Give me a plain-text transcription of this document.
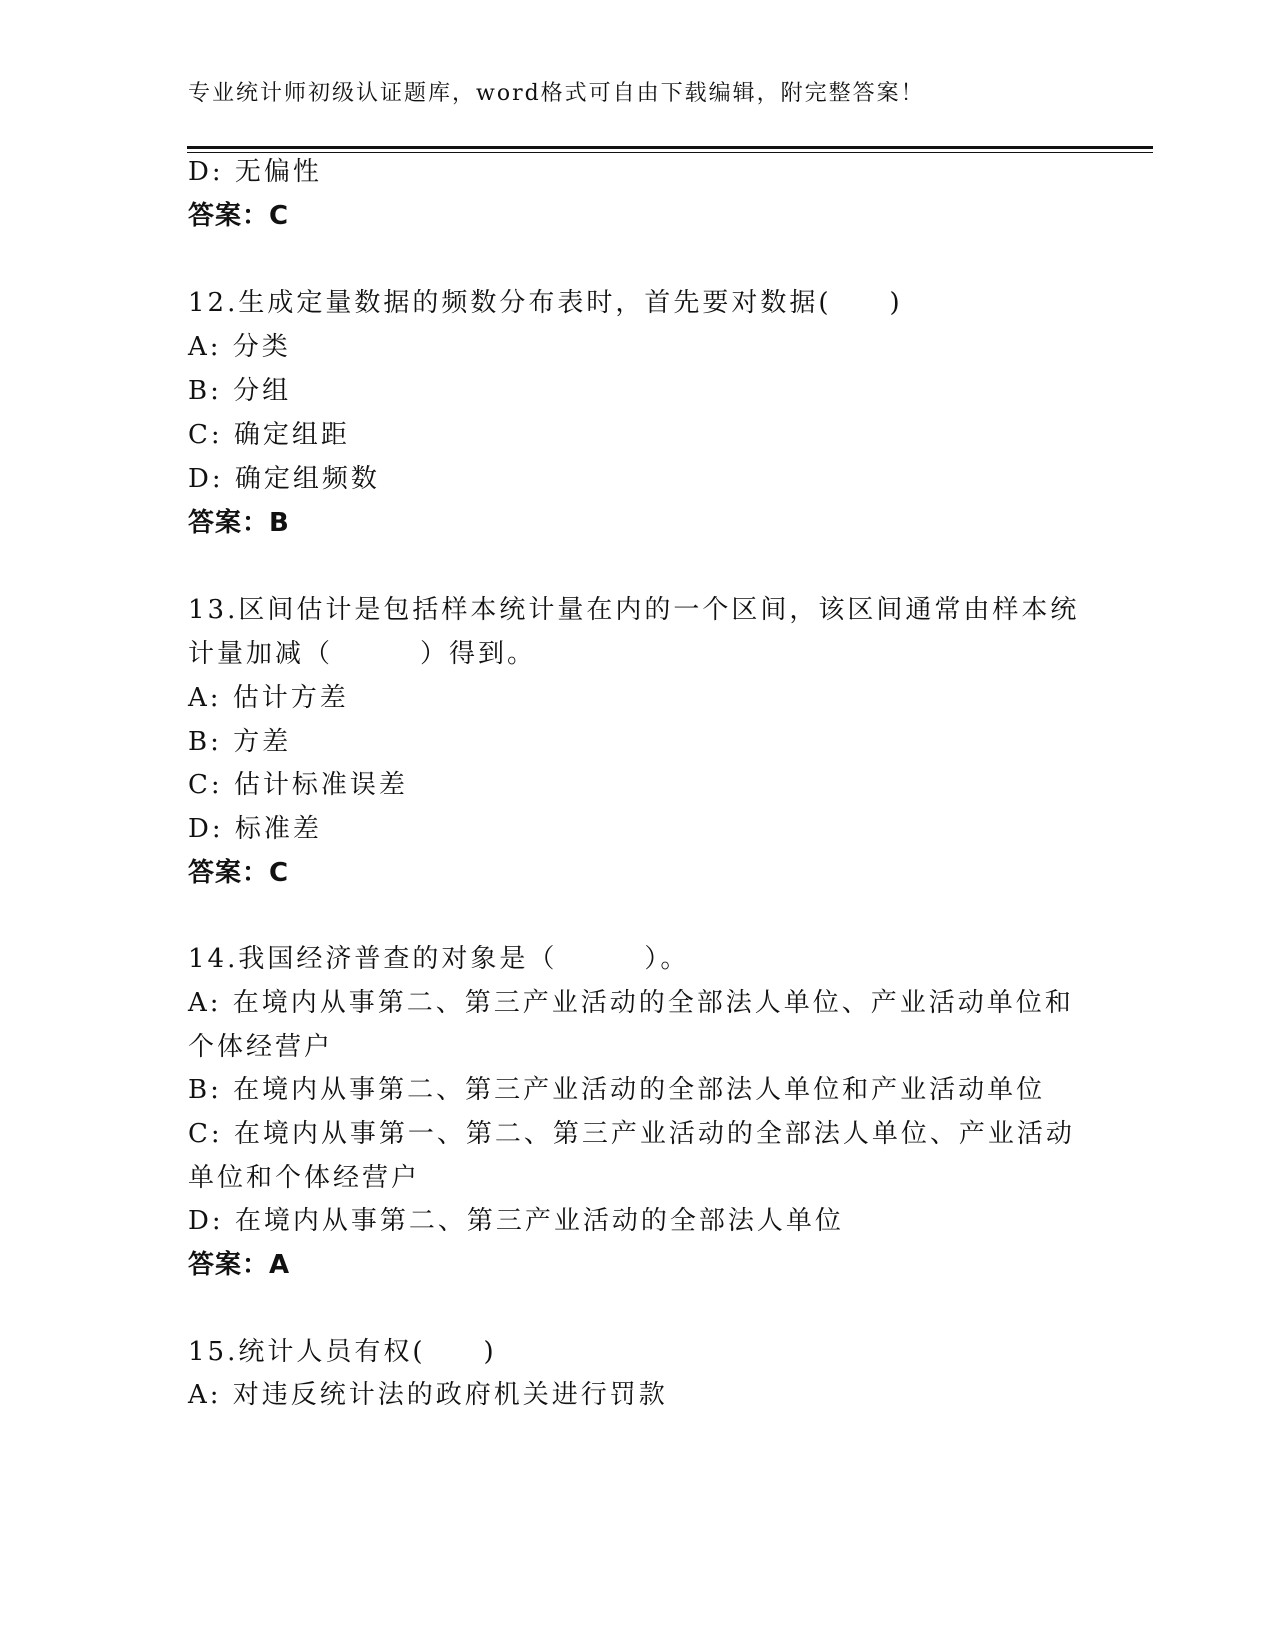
专业统计师初级认证题库，word格式可自由下载编辑，附完整答案！
D: 无偏性
答案：C
12.生成定量数据的频数分布表时，首先要对数据(　　)
A: 分类
B: 分组
C: 确定组距
D: 确定组频数
答案：B
13.区间估计是包括样本统计量在内的一个区间，该区间通常由样本统
计量加减（　　　）得到。
A: 估计方差
B: 方差
C: 估计标准误差
D: 标准差
答案：C
14.我国经济普查的对象是（　　　）。
A: 在境内从事第二、第三产业活动的全部法人单位、产业活动单位和
个体经营户
B: 在境内从事第二、第三产业活动的全部法人单位和产业活动单位
C: 在境内从事第一、第二、第三产业活动的全部法人单位、产业活动
单位和个体经营户
D: 在境内从事第二、第三产业活动的全部法人单位
答案：A
15.统计人员有权(　　)
A: 对违反统计法的政府机关进行罚款
